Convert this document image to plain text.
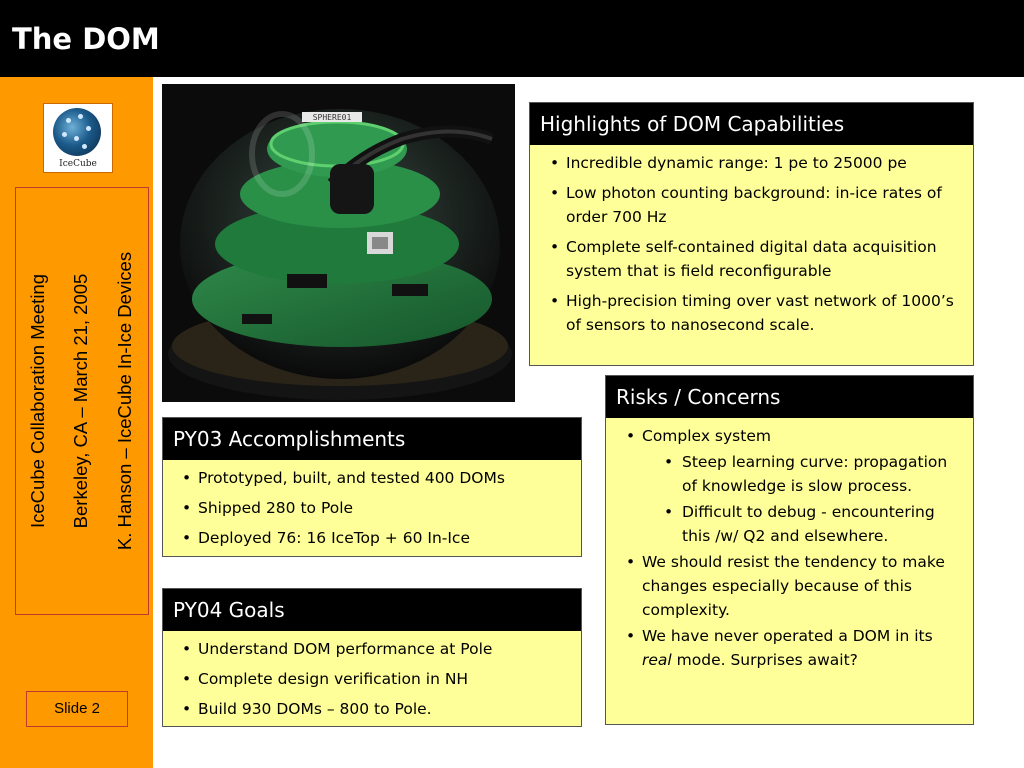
The DOM
IceCube
IceCube Collaboration Meeting Berkeley, CA – March 21, 2005 K. Hanson – IceCube In-Ice Devices
Slide 2
SPHERE01	Highlights of DOM Capabilities
• Incredible dynamic range: 1 pe to 25000 pe
• Low photon counting background: in-ice rates of order 700 Hz
• Complete self-contained digital data acquisition system that is field reconfigurable
• High-precision timing over vast network of 1000’s of sensors to nanosecond scale.
Risks / Concerns
• Complex system
• Steep learning curve: propagation of knowledge is slow process.
• Difficult to debug - encountering this /w/ Q2 and elsewhere.
• We should resist the tendency to make changes especially because of this complexity.
• We have never operated a DOM in its real mode. Surprises await?
PY03 Accomplishments
• Prototyped, built, and tested 400 DOMs
• Shipped 280 to Pole
• Deployed 76: 16 IceTop + 60 In-Ice
PY04 Goals
• Understand DOM performance at Pole
• Complete design verification in NH
• Build 930 DOMs – 800 to Pole.
